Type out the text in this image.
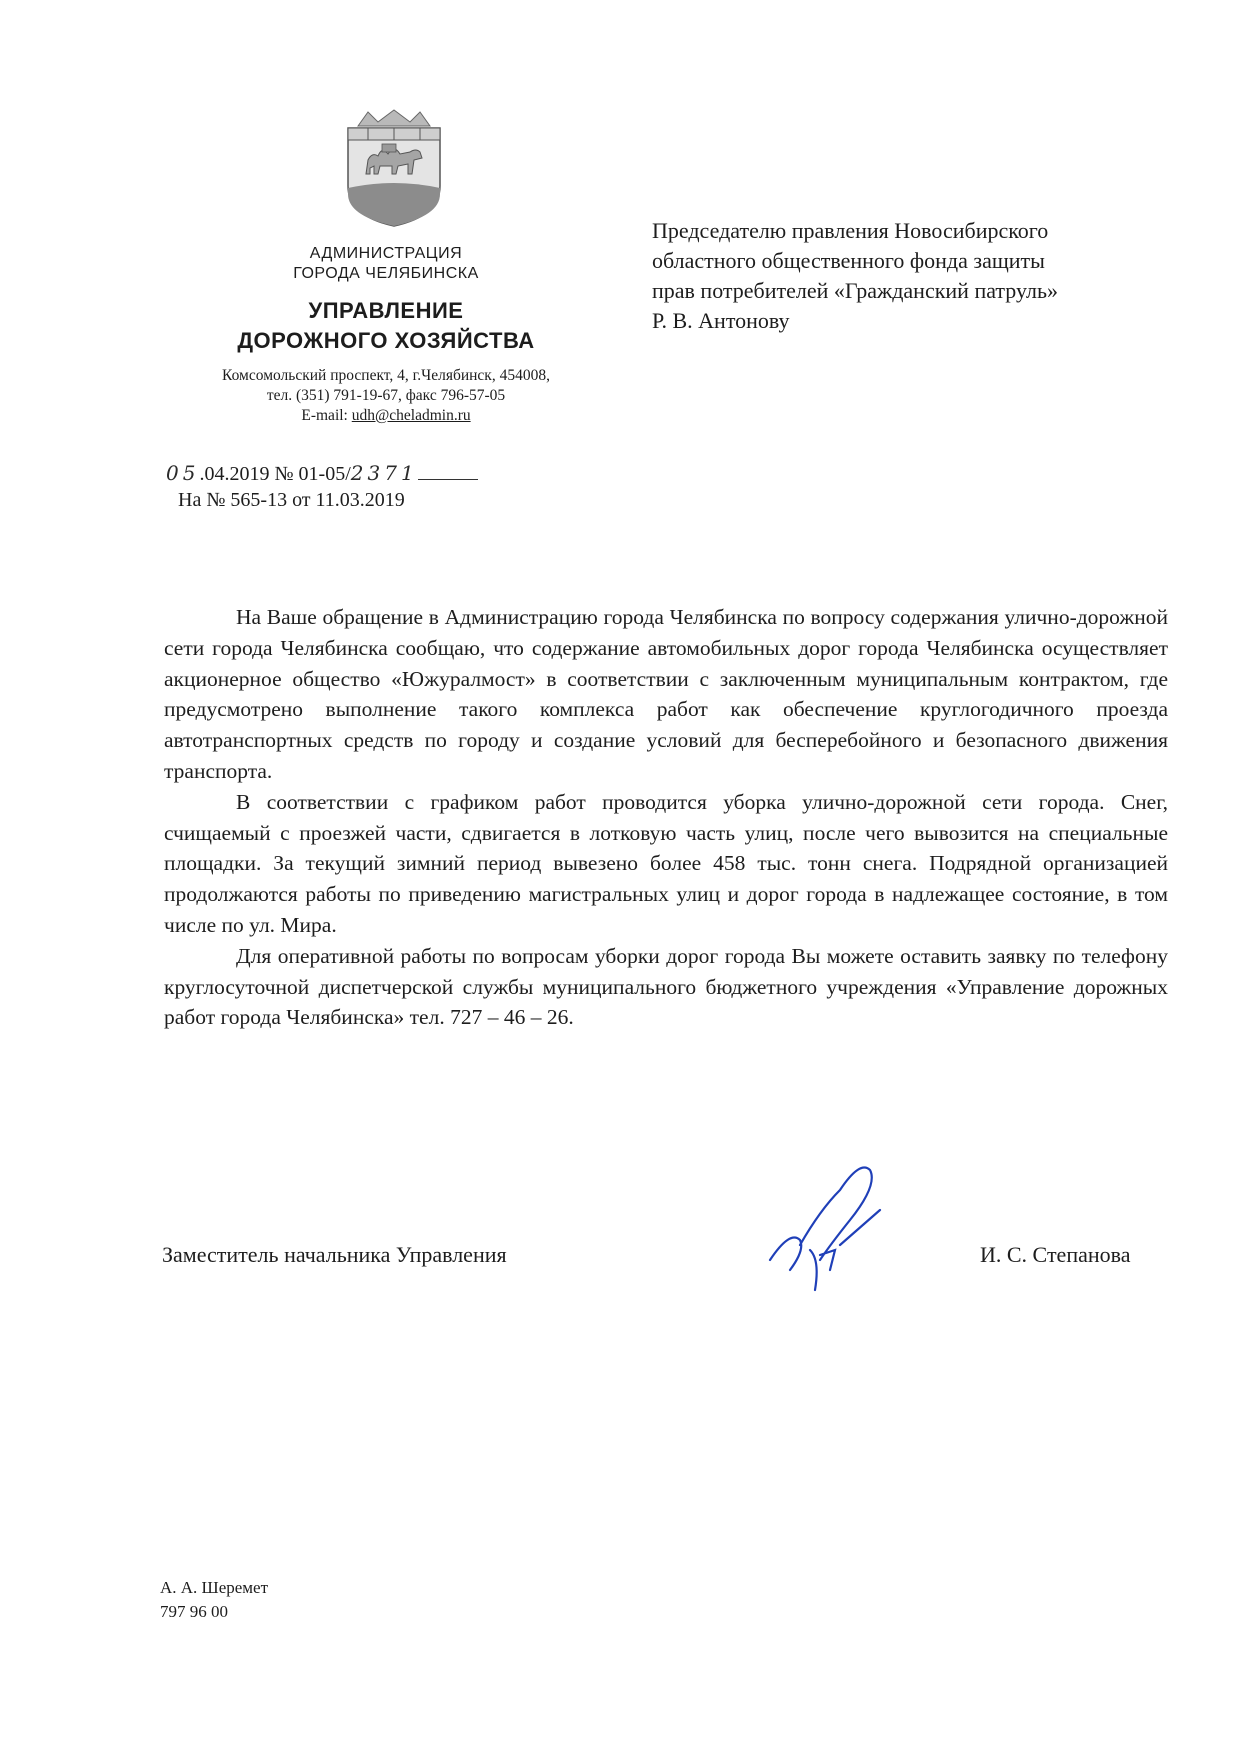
АДМИНИСТРАЦИЯ
ГОРОДА ЧЕЛЯБИНСКА
УПРАВЛЕНИЕ
ДОРОЖНОГО ХОЗЯЙСТВА
Комсомольский проспект, 4, г.Челябинск, 454008,
тел. (351) 791-19-67, факс 796-57-05
E-mail: udh@cheladmin.ru
05.04.2019 № 01-05/2371
На № 565-13 от 11.03.2019
Председателю правления Новосибирского
областного общественного фонда защиты
прав потребителей «Гражданский патруль»
Р. В. Антонову

На Ваше обращение в Администрацию города Челябинска по вопросу содержания улично-дорожной сети города Челябинска сообщаю, что содержание автомобильных дорог города Челябинска осуществляет акционерное общество «Южуралмост» в соответствии с заключенным муниципальным контрактом, где предусмотрено выполнение такого комплекса работ как обеспечение круглогодичного проезда автотранспортных средств по городу и создание условий для бесперебойного и безопасного движения транспорта.

В соответствии с графиком работ проводится уборка улично-дорожной сети города. Снег, счищаемый с проезжей части, сдвигается в лотковую часть улиц, после чего вывозится на специальные площадки. За текущий зимний период вывезено более 458 тыс. тонн снега. Подрядной организацией продолжаются работы по приведению магистральных улиц и дорог города в надлежащее состояние, в том числе по ул. Мира.

Для оперативной работы по вопросам уборки дорог города Вы можете оставить заявку по телефону круглосуточной диспетчерской службы муниципального бюджетного учреждения «Управление дорожных работ города Челябинска» тел. 727 – 46 – 26.

Заместитель начальника Управления	И. С. Степанова
А. А. Шеремет
797 96 00
